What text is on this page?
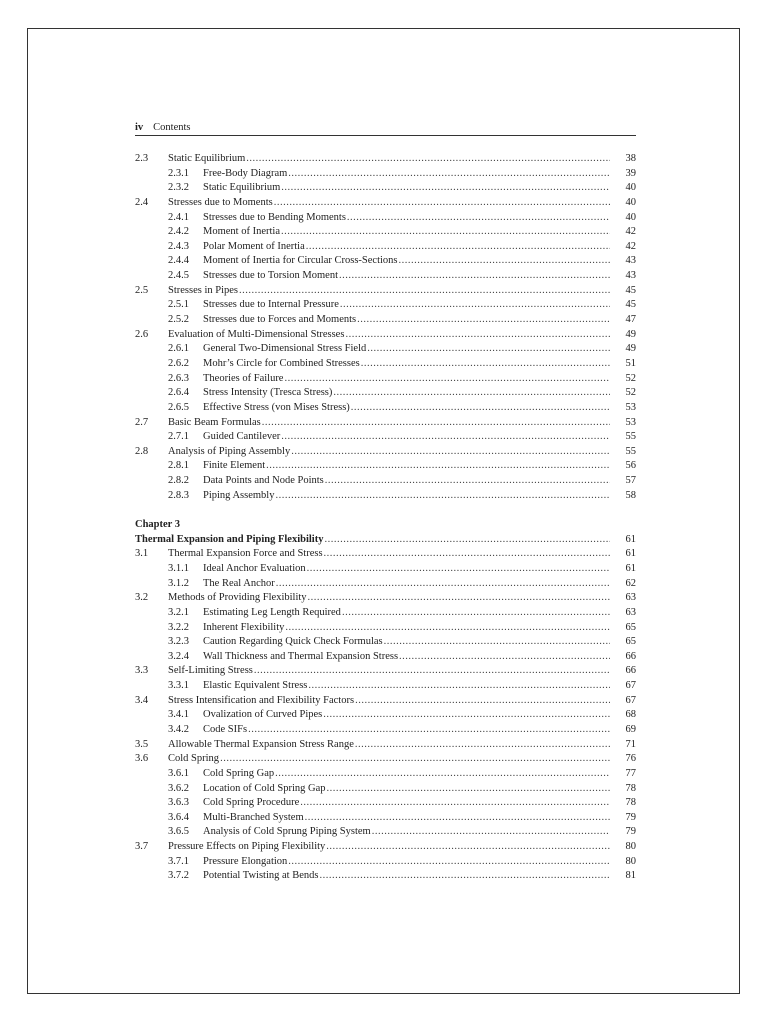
iv Contents
2.3	Static Equilibrium .....	38
2.3.1	Free-Body Diagram .....	39
2.3.2	Static Equilibrium .....	40
2.4	Stresses due to Moments .....	40
2.4.1	Stresses due to Bending Moments .....	40
2.4.2	Moment of Inertia .....	42
2.4.3	Polar Moment of Inertia .....	42
2.4.4	Moment of Inertia for Circular Cross-Sections .....	43
2.4.5	Stresses due to Torsion Moment .....	43
2.5	Stresses in Pipes .....	45
2.5.1	Stresses due to Internal Pressure .....	45
2.5.2	Stresses due to Forces and Moments .....	47
2.6	Evaluation of Multi-Dimensional Stresses .....	49
2.6.1	General Two-Dimensional Stress Field .....	49
2.6.2	Mohr’s Circle for Combined Stresses .....	51
2.6.3	Theories of Failure .....	52
2.6.4	Stress Intensity (Tresca Stress) .....	52
2.6.5	Effective Stress (von Mises Stress) .....	53
2.7	Basic Beam Formulas .....	53
2.7.1	Guided Cantilever .....	55
2.8	Analysis of Piping Assembly .....	55
2.8.1	Finite Element .....	56
2.8.2	Data Points and Node Points .....	57
2.8.3	Piping Assembly .....	58
Chapter 3
Thermal Expansion and Piping Flexibility .....	61
3.1	Thermal Expansion Force and Stress .....	61
3.1.1	Ideal Anchor Evaluation .....	61
3.1.2	The Real Anchor .....	62
3.2	Methods of Providing Flexibility .....	63
3.2.1	Estimating Leg Length Required .....	63
3.2.2	Inherent Flexibility .....	65
3.2.3	Caution Regarding Quick Check Formulas .....	65
3.2.4	Wall Thickness and Thermal Expansion Stress .....	66
3.3	Self-Limiting Stress .....	66
3.3.1	Elastic Equivalent Stress .....	67
3.4	Stress Intensification and Flexibility Factors .....	67
3.4.1	Ovalization of Curved Pipes .....	68
3.4.2	Code SIFs .....	69
3.5	Allowable Thermal Expansion Stress Range .....	71
3.6	Cold Spring .....	76
3.6.1	Cold Spring Gap .....	77
3.6.2	Location of Cold Spring Gap .....	78
3.6.3	Cold Spring Procedure .....	78
3.6.4	Multi-Branched System .....	79
3.6.5	Analysis of Cold Sprung Piping System .....	79
3.7	Pressure Effects on Piping Flexibility .....	80
3.7.1	Pressure Elongation .....	80
3.7.2	Potential Twisting at Bends .....	81
